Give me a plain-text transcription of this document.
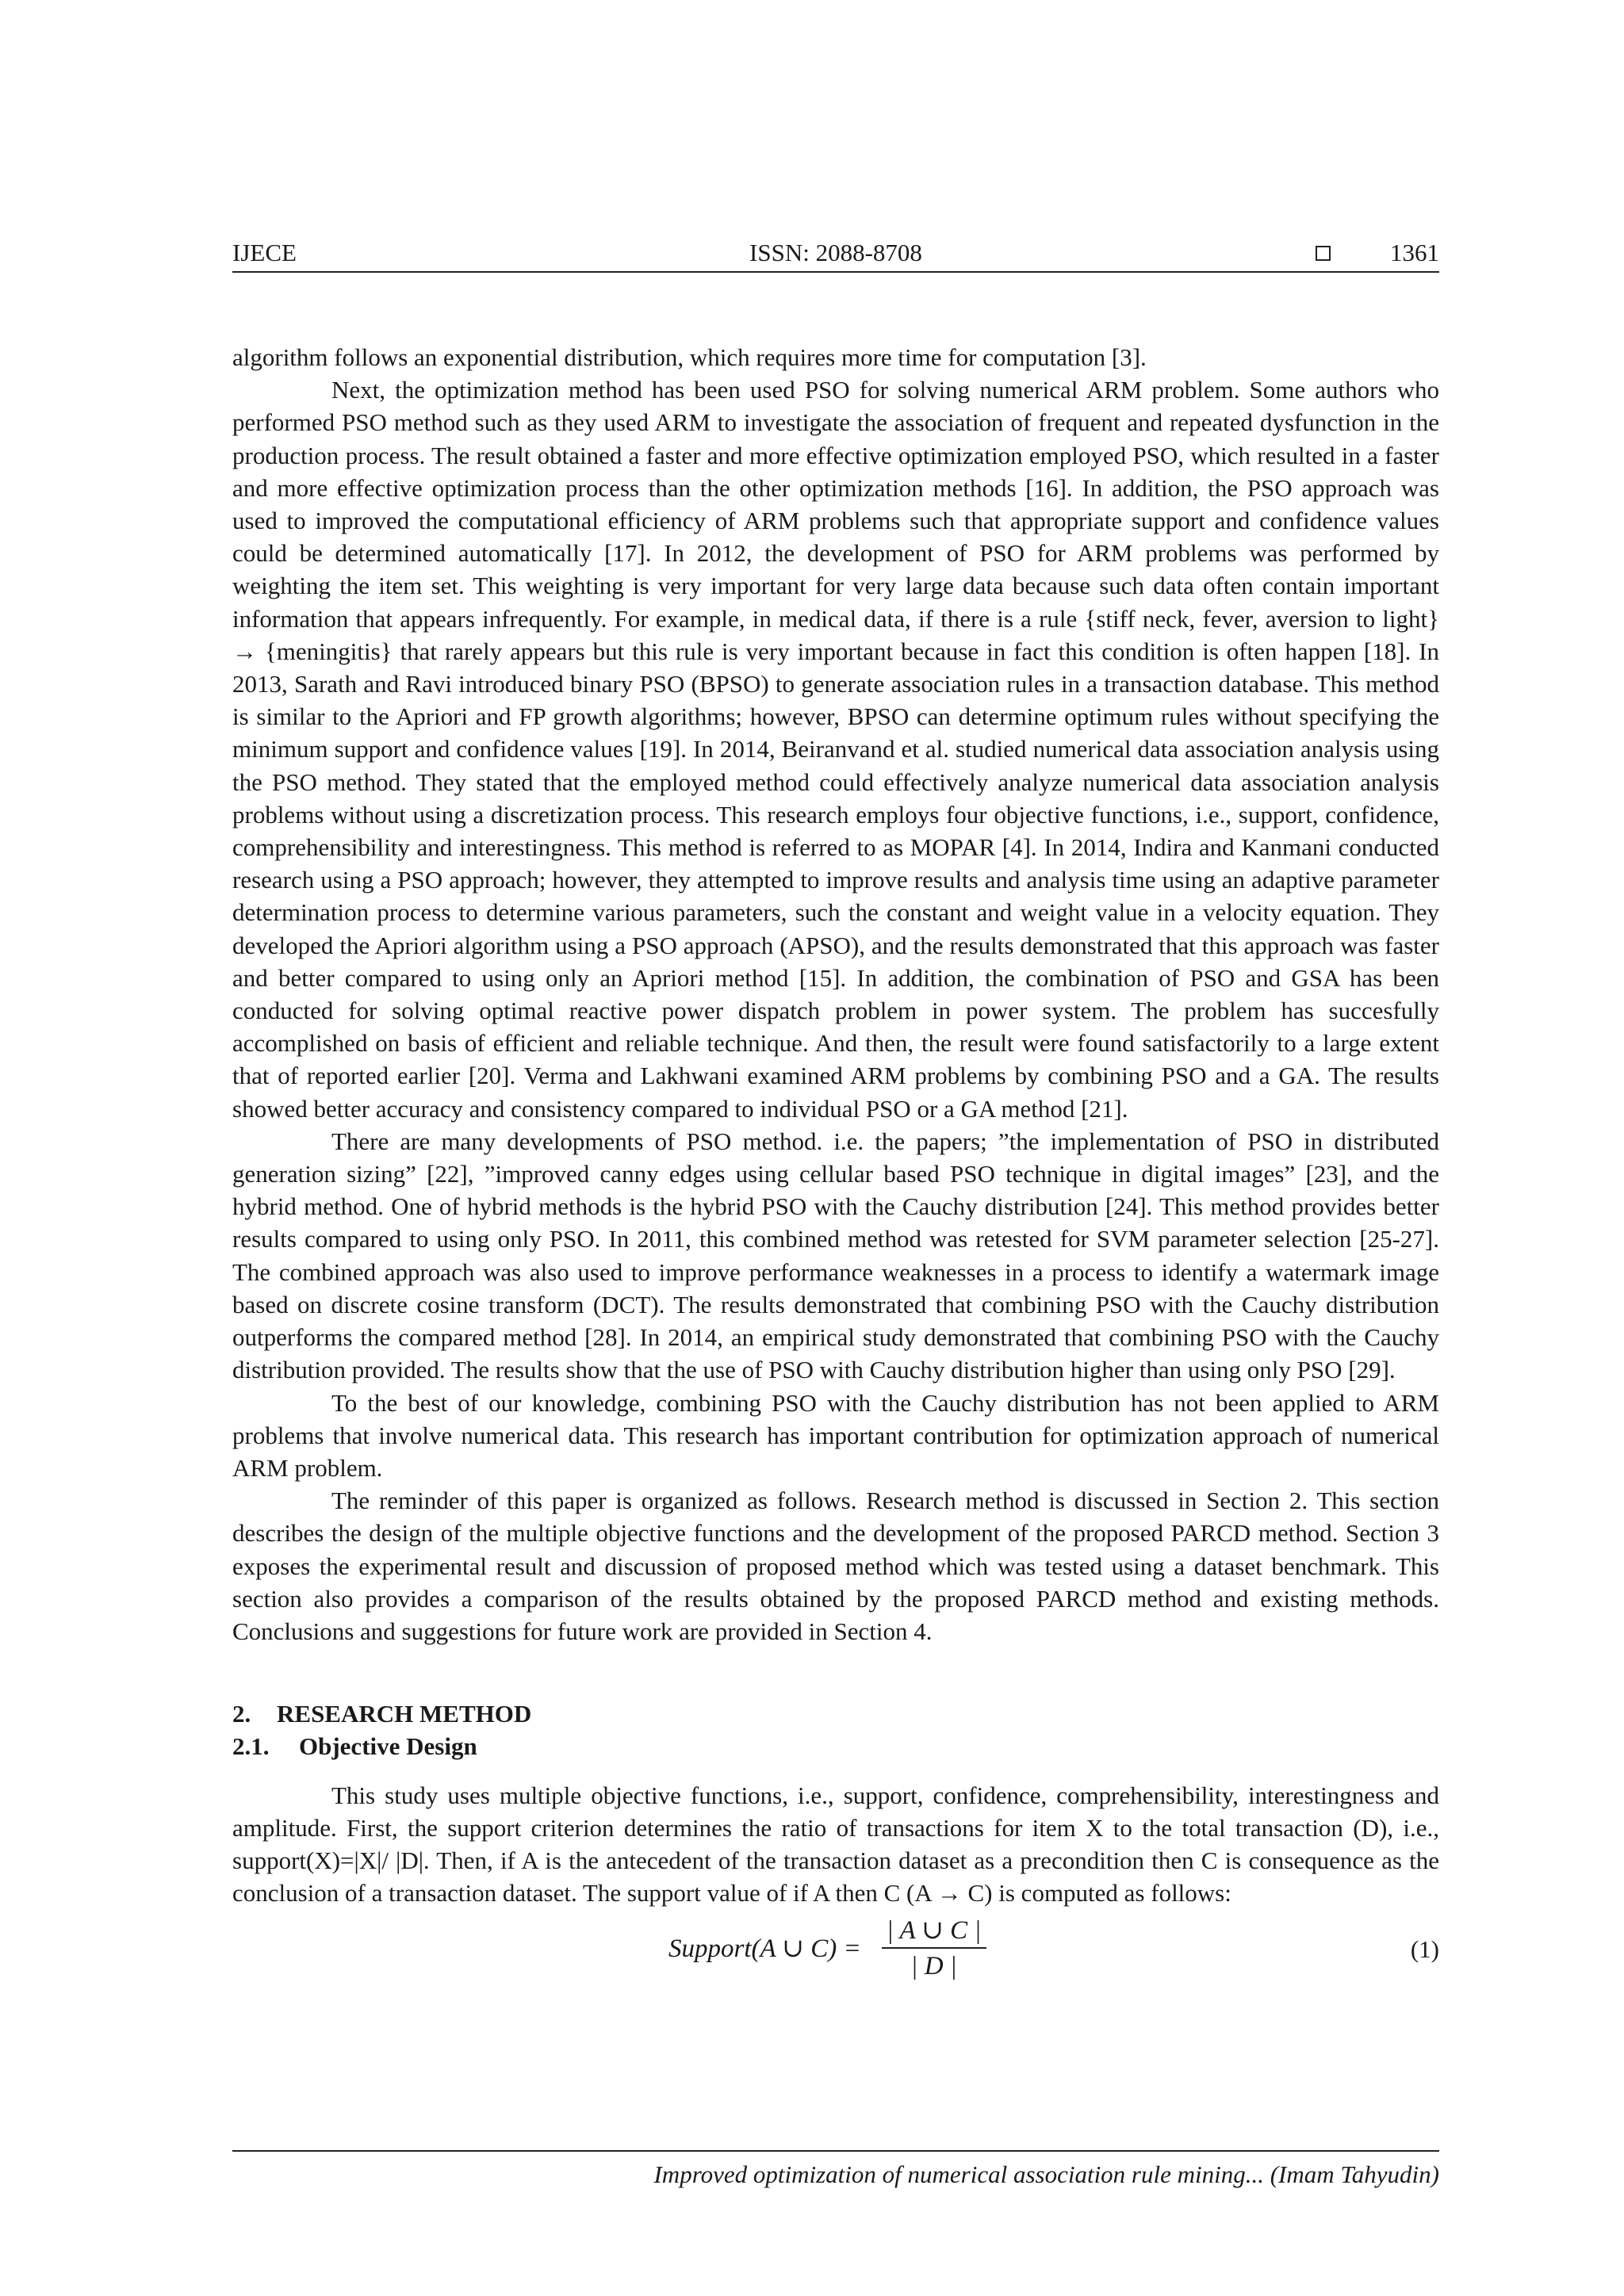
IJECE	ISSN: 2088-8708	1361

algorithm follows an exponential distribution, which requires more time for computation [3].

Next, the optimization method has been used PSO for solving numerical ARM problem. Some authors who performed PSO method such as they used ARM to investigate the association of frequent and repeated dysfunction in the production process. The result obtained a faster and more effective optimization employed PSO, which resulted in a faster and more effective optimization process than the other optimization methods [16]. In addition, the PSO approach was used to improved the computational efficiency of ARM problems such that appropriate support and confidence values could be determined automatically [17]. In 2012, the development of PSO for ARM problems was performed by weighting the item set. This weighting is very important for very large data because such data often contain important information that appears infrequently. For example, in medical data, if there is a rule {stiff neck, fever, aversion to light} → {meningitis} that rarely appears but this rule is very important because in fact this condition is often happen [18]. In 2013, Sarath and Ravi introduced binary PSO (BPSO) to generate association rules in a transaction database. This method is similar to the Apriori and FP growth algorithms; however, BPSO can determine optimum rules without specifying the minimum support and confidence values [19]. In 2014, Beiranvand et al. studied numerical data association analysis using the PSO method. They stated that the employed method could effectively analyze numerical data association analysis problems without using a discretization process. This research employs four objective functions, i.e., support, confidence, comprehensibility and interestingness. This method is referred to as MOPAR [4]. In 2014, Indira and Kanmani conducted research using a PSO approach; however, they attempted to improve results and analysis time using an adaptive parameter determination process to determine various parameters, such the constant and weight value in a velocity equation. They developed the Apriori algorithm using a PSO approach (APSO), and the results demonstrated that this approach was faster and better compared to using only an Apriori method [15]. In addition, the combination of PSO and GSA has been conducted for solving optimal reactive power dispatch problem in power system. The problem has succesfully accomplished on basis of efficient and reliable technique. And then, the result were found satisfactorily to a large extent that of reported earlier [20]. Verma and Lakhwani examined ARM problems by combining PSO and a GA. The results showed better accuracy and consistency compared to individual PSO or a GA method [21].

There are many developments of PSO method. i.e. the papers; ”the implementation of PSO in distributed generation sizing” [22], ”improved canny edges using cellular based PSO technique in digital images” [23], and the hybrid method. One of hybrid methods is the hybrid PSO with the Cauchy distribution [24]. This method provides better results compared to using only PSO. In 2011, this combined method was retested for SVM parameter selection [25-27]. The combined approach was also used to improve performance weaknesses in a process to identify a watermark image based on discrete cosine transform (DCT). The results demonstrated that combining PSO with the Cauchy distribution outperforms the compared method [28]. In 2014, an empirical study demonstrated that combining PSO with the Cauchy distribution provided. The results show that the use of PSO with Cauchy distribution higher than using only PSO [29].

To the best of our knowledge, combining PSO with the Cauchy distribution has not been applied to ARM problems that involve numerical data. This research has important contribution for optimization approach of numerical ARM problem.

The reminder of this paper is organized as follows. Research method is discussed in Section 2. This section describes the design of the multiple objective functions and the development of the proposed PARCD method. Section 3 exposes the experimental result and discussion of proposed method which was tested using a dataset benchmark. This section also provides a comparison of the results obtained by the proposed PARCD method and existing methods. Conclusions and suggestions for future work are provided in Section 4.

2. RESEARCH METHOD

2.1. Objective Design

This study uses multiple objective functions, i.e., support, confidence, comprehensibility, interestingness and amplitude. First, the support criterion determines the ratio of transactions for item X to the total transaction (D), i.e., support(X)=|X|/ |D|. Then, if A is the antecedent of the transaction dataset as a precondition then C is consequence as the conclusion of a transaction dataset. The support value of if A then C (A → C) is computed as follows:

Support(A ∪ $C) = \frac{| A \cup C |}{| D |}$	(1)
Improved optimization of numerical association rule mining... (Imam Tahyudin)
